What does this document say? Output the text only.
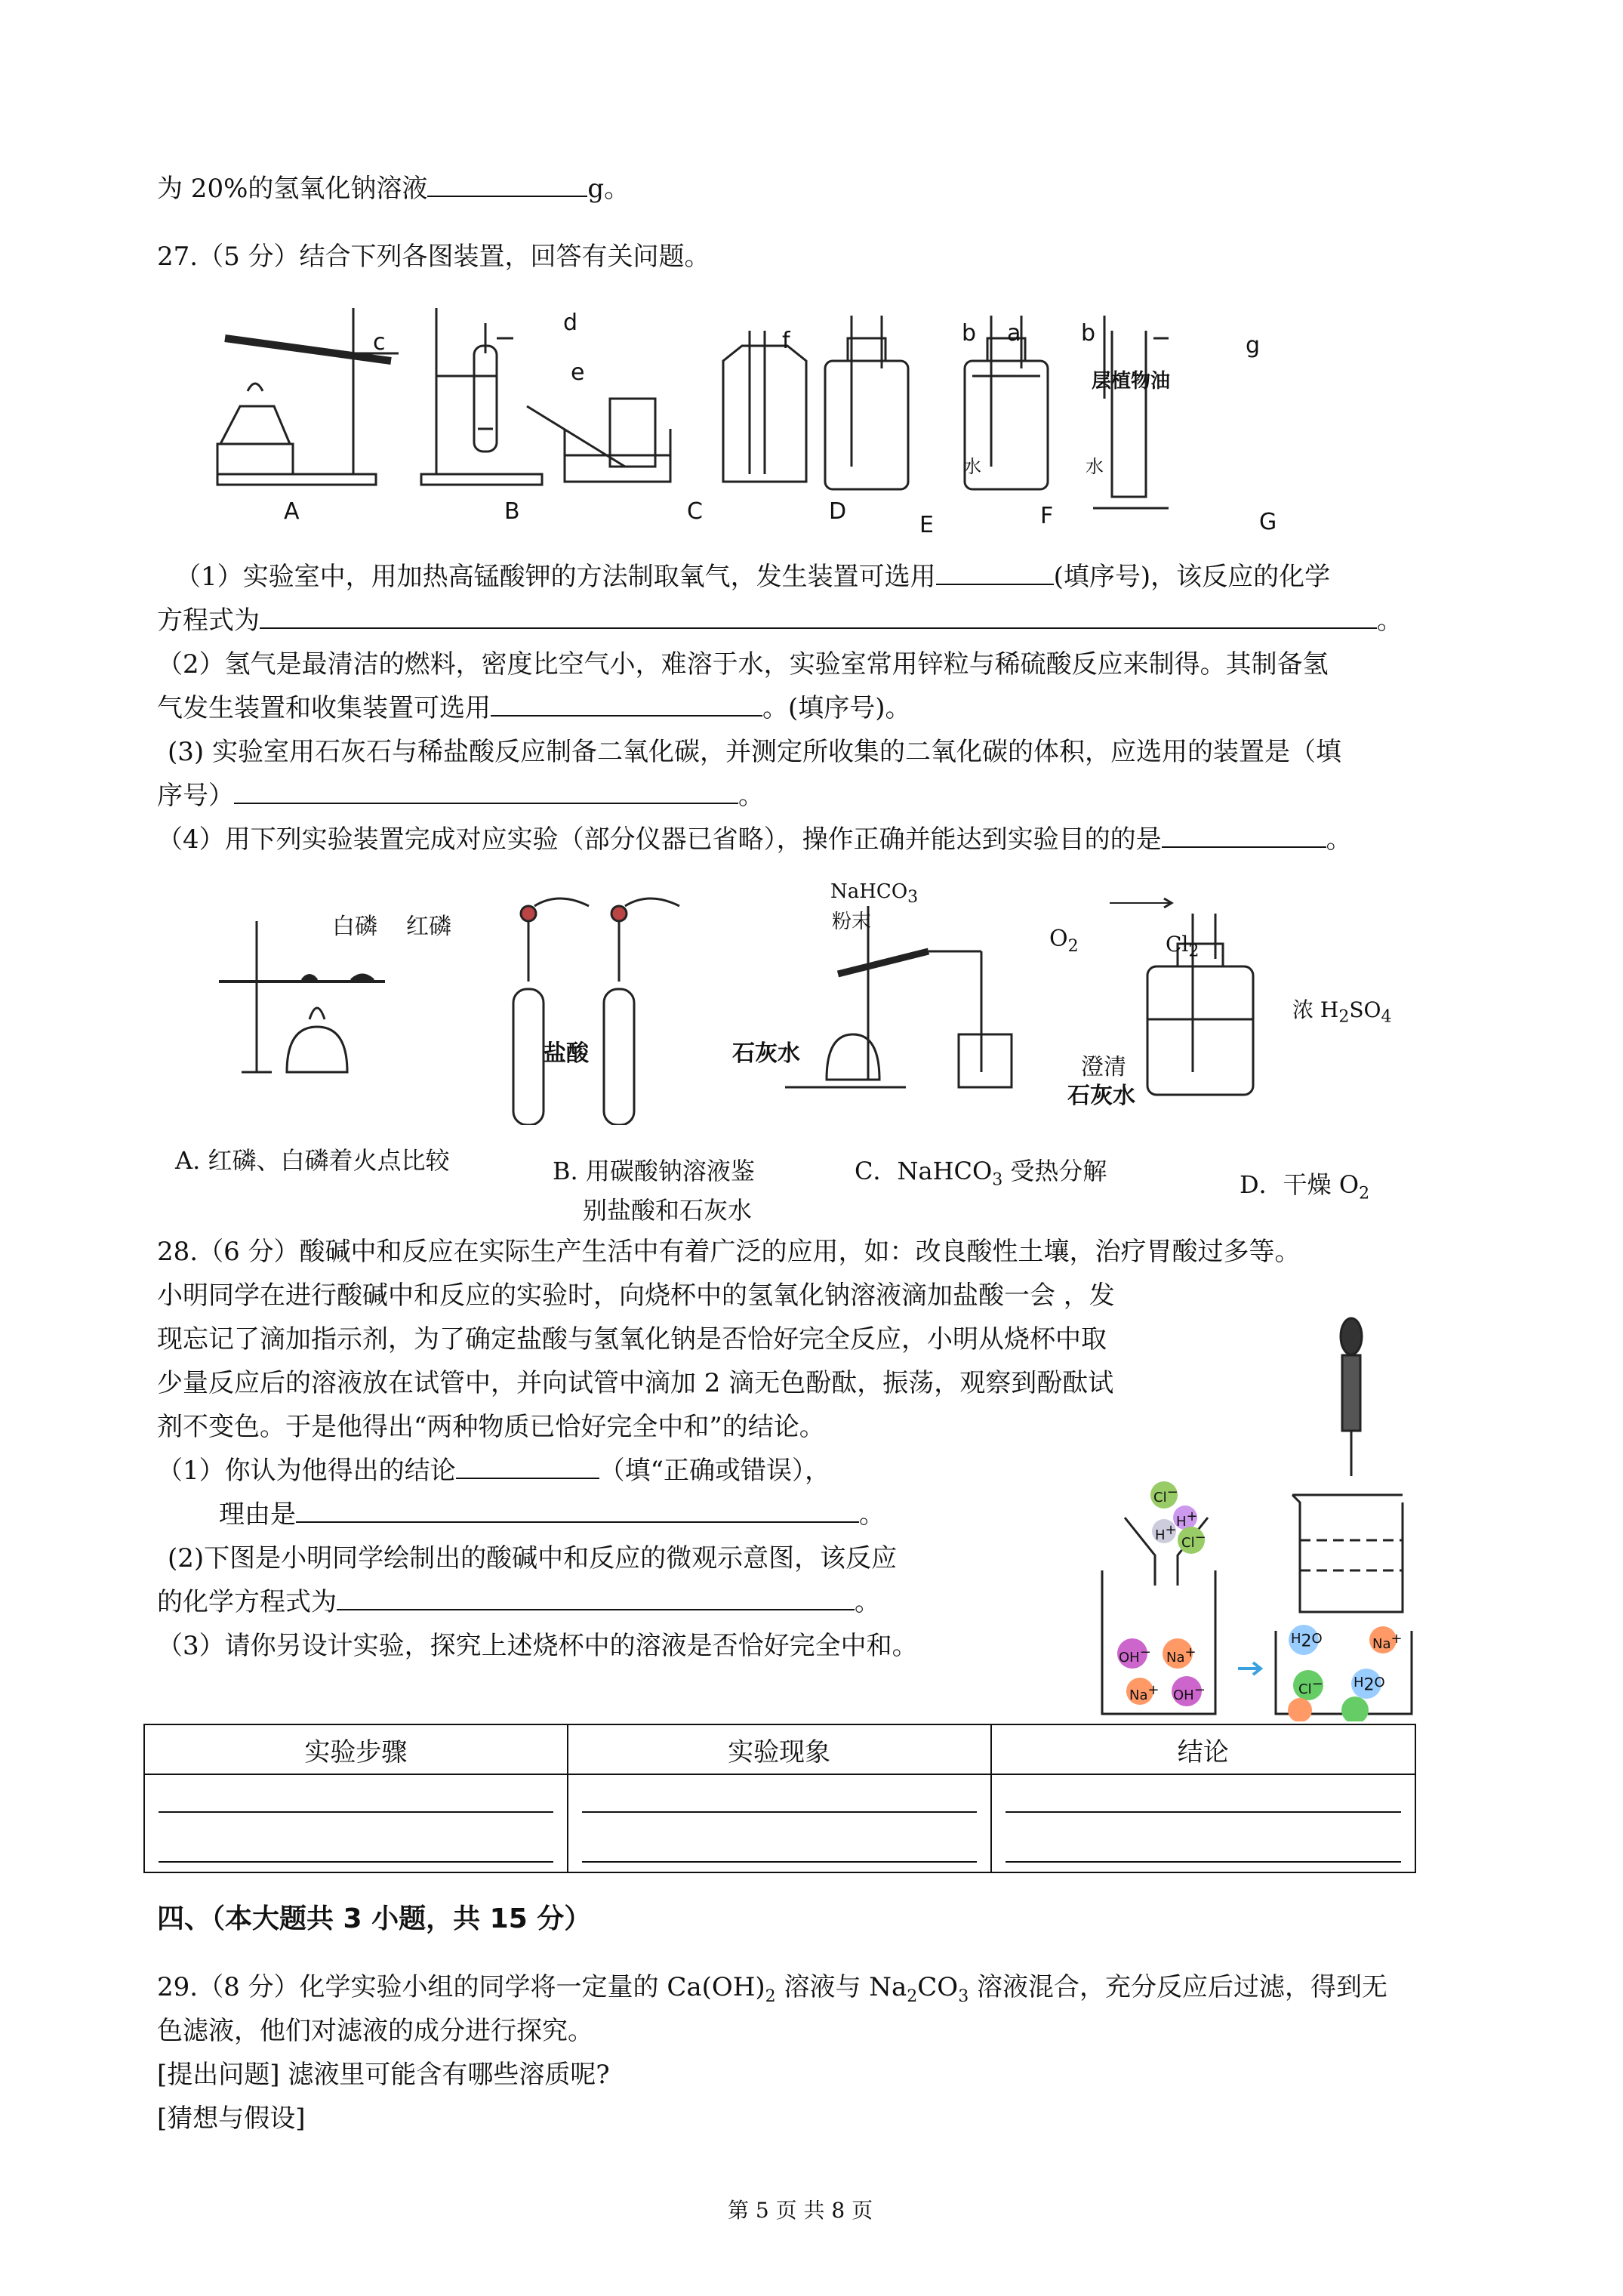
为 20%的氢氧化钠溶液	g。
27.（5 分）结合下列各图装置，回答有关问题。
A	B	C	D
E	F	G
c
d
e
f	b a	b	g
层植物油
水	水
（1）实验室中，用加热高锰酸钾的方法制取氧气，发生装置可选用	(填序号)，该反应的化学
方程式为	。
（2）氢气是最清洁的燃料，密度比空气小，难溶于水，实验室常用锌粒与稀硫酸反应来制得。其制备氢
气发生装置和收集装置可选用	。(填序号)。
(3) 实验室用石灰石与稀盐酸反应制备二氧化碳，并测定所收集的二氧化碳的体积，应选用的装置是（填
序号）	。
（4）用下列实验装置完成对应实验（部分仪器已省略），操作正确并能达到实验目的的是	。
白磷 红磷
盐酸	石灰水
NaHCO$_3$
粉末
$O_2$
澄清
石灰水
$Cl_2$
浓 $H_2SO_4$
A. 红磷、白磷着火点比较	B. 用碳酸钠溶液鉴
别盐酸和石灰水
C．NaHCO$_3$ 受热分解	D．干燥 $O_2$
28.（6 分）酸碱中和反应在实际生产生活中有着广泛的应用，如：改良酸性土壤，治疗胃酸过多等。
小明同学在进行酸碱中和反应的实验时，向烧杯中的氢氧化钠溶液滴加盐酸一会 ，发
现忘记了滴加指示剂，为了确定盐酸与氢氧化钠是否恰好完全反应，小明从烧杯中取
少量反应后的溶液放在试管中，并向试管中滴加 2 滴无色酚酞，振荡，观察到酚酞试
剂不变色。于是他得出“两种物质已恰好完全中和”的结论。
（1）你认为他得出的结论	（填“正确或错误），
理由是	。
(2)下图是小明同学绘制出的酸碱中和反应的微观示意图，该反应
的化学方程式为	。
（3）请你另设计实验，探究上述烧杯中的溶液是否恰好完全中和。
Cl−
H+
H+
Cl−
OH− Na+
Na+ OH−
$H_2O$	Na+
Cl− $H_2O$
实验步骤	实验现象	结论

四、（本大题共 3 小题，共 15 分）
29.（8 分）化学实验小组的同学将一定量的 $Ca(OH)_2$ 溶液与 $Na_2CO_3$ 溶液混合，充分反应后过滤，得到无
色滤液，他们对滤液的成分进行探究。
[提出问题] 滤液里可能含有哪些溶质呢?
[猜想与假设]
第 5 页 共 8 页
